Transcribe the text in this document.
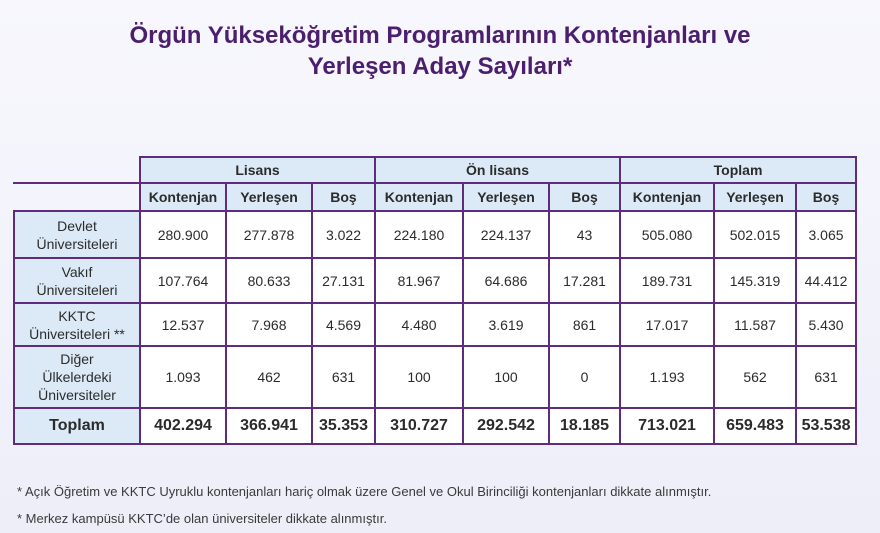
Örgün Yükseköğretim Programlarının Kontenjanları ve
Yerleşen Aday Sayıları*
	Lisans			Ön lisans			Toplam		
	Kontenjan	Yerleşen	Boş	Kontenjan	Yerleşen	Boş	Kontenjan	Yerleşen	Boş

Devlet
Üniversiteleri	280.900	277.878	3.022	224.180	224.137	43	505.080	502.015	3.065

Vakıf
Üniversiteleri	107.764	80.633	27.131	81.967	64.686	17.281	189.731	145.319	44.412

KKTC
Üniversiteleri **	12.537	7.968	4.569	4.480	3.619	861	17.017	11.587	5.430

Diğer
Ülkelerdeki
Üniversiteler	1.093	462	631	100	100	0	1.193	562	631
Toplam	402.294	366.941	35.353	310.727	292.542	18.185	713.021	659.483	53.538
* Açık Öğretim ve KKTC Uyruklu kontenjanları hariç olmak üzere Genel ve Okul Birinciliği kontenjanları dikkate alınmıştır.
* Merkez kampüsü KKTC’de olan üniversiteler dikkate alınmıştır.
